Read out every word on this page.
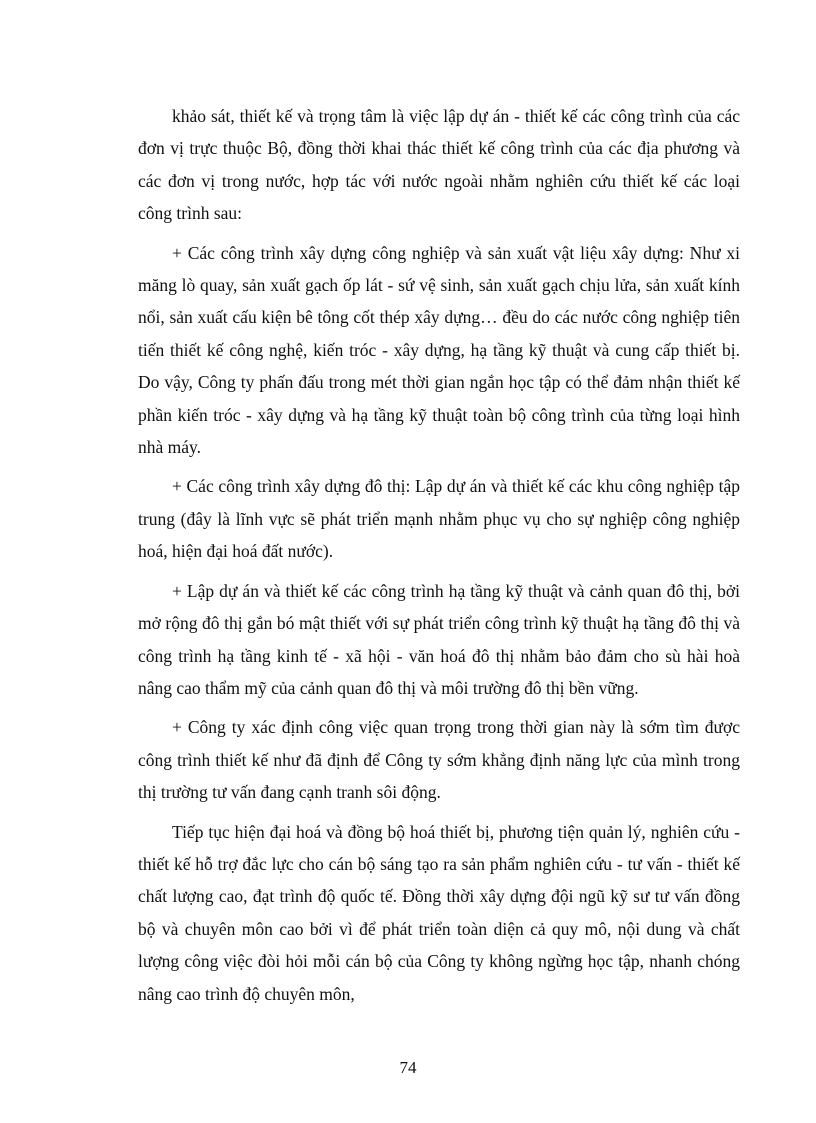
khảo sát, thiết kế và trọng tâm là việc lập dự án - thiết kế các công trình của các đơn vị trực thuộc Bộ, đồng thời khai thác thiết kế công trình của các địa phương và các đơn vị trong nước, hợp tác với nước ngoài nhằm nghiên cứu thiết kế các loại công trình sau:

+ Các công trình xây dựng công nghiệp và sản xuất vật liệu xây dựng: Như xi măng lò quay, sản xuất gạch ốp lát - sứ vệ sinh, sản xuất gạch chịu lửa, sản xuất kính nổi, sản xuất cấu kiện bê tông cốt thép xây dựng… đều do các nước công nghiệp tiên tiến thiết kế công nghệ, kiến tróc - xây dựng, hạ tầng kỹ thuật và cung cấp thiết bị. Do vậy, Công ty phấn đấu trong mét thời gian ngắn học tập có thể đảm nhận thiết kế phần kiến tróc - xây dựng và hạ tầng kỹ thuật toàn bộ công trình của từng loại hình nhà máy.

+ Các công trình xây dựng đô thị: Lập dự án và thiết kế các khu công nghiệp tập trung (đây là lĩnh vực sẽ phát triển mạnh nhằm phục vụ cho sự nghiệp công nghiệp hoá, hiện đại hoá đất nước).

+ Lập dự án và thiết kế các công trình hạ tầng kỹ thuật và cảnh quan đô thị, bởi mở rộng đô thị gắn bó mật thiết với sự phát triển công trình kỹ thuật hạ tầng đô thị và công trình hạ tầng kinh tế - xã hội - văn hoá đô thị nhằm bảo đảm cho sù hài hoà nâng cao thẩm mỹ của cảnh quan đô thị và môi trường đô thị bền vững.

+ Công ty xác định công việc quan trọng trong thời gian này là sớm tìm được công trình thiết kế như đã định để Công ty sớm khẳng định năng lực của mình trong thị trường tư vấn đang cạnh tranh sôi động.

Tiếp tục hiện đại hoá và đồng bộ hoá thiết bị, phương tiện quản lý, nghiên cứu - thiết kế hỗ trợ đắc lực cho cán bộ sáng tạo ra sản phẩm nghiên cứu - tư vấn - thiết kế chất lượng cao, đạt trình độ quốc tế. Đồng thời xây dựng đội ngũ kỹ sư tư vấn đồng bộ và chuyên môn cao bởi vì để phát triển toàn diện cả quy mô, nội dung và chất lượng công việc đòi hỏi mỗi cán bộ của Công ty không ngừng học tập, nhanh chóng nâng cao trình độ chuyên môn,

74
